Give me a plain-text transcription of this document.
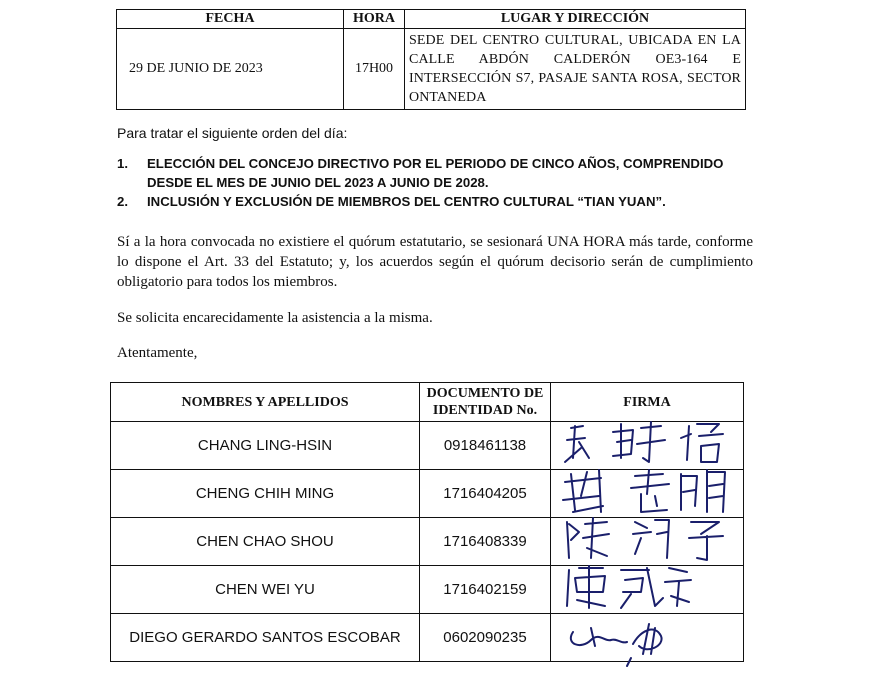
FECHA	HORA	LUGAR Y DIRECCIÓN
29 DE JUNIO DE 2023	17H00	SEDE DEL CENTRO CULTURAL, UBICADA EN LA CALLE ABDÓN CALDERÓN OE3-164 E INTERSECCIÓN S7, PASAJE SANTA ROSA, SECTOR ONTANEDA
Para tratar el siguiente orden del día:
1.	ELECCIÓN DEL CONCEJO DIRECTIVO POR EL PERIODO DE CINCO AÑOS, COMPRENDIDO DESDE EL MES DE JUNIO DEL 2023 A JUNIO DE 2028.
2.	INCLUSIÓN Y EXCLUSIÓN DE MIEMBROS DEL CENTRO CULTURAL “TIAN YUAN”.
Sí a la hora convocada no existiere el quórum estatutario, se sesionará UNA HORA más tarde, conforme lo dispone el Art. 33 del Estatuto; y, los acuerdos según el quórum decisorio serán de cumplimiento obligatorio para todos los miembros.
Se solicita encarecidamente la asistencia a la misma.
Atentamente,
NOMBRES Y APELLIDOS	DOCUMENTO DE IDENTIDAD No.	FIRMA
CHANG LING-HSIN	0918461138	

CHENG CHIH MING	1716404205	

CHEN CHAO SHOU	1716408339	

CHEN WEI YU	1716402159	

DIEGO GERARDO SANTOS ESCOBAR	0602090235	
